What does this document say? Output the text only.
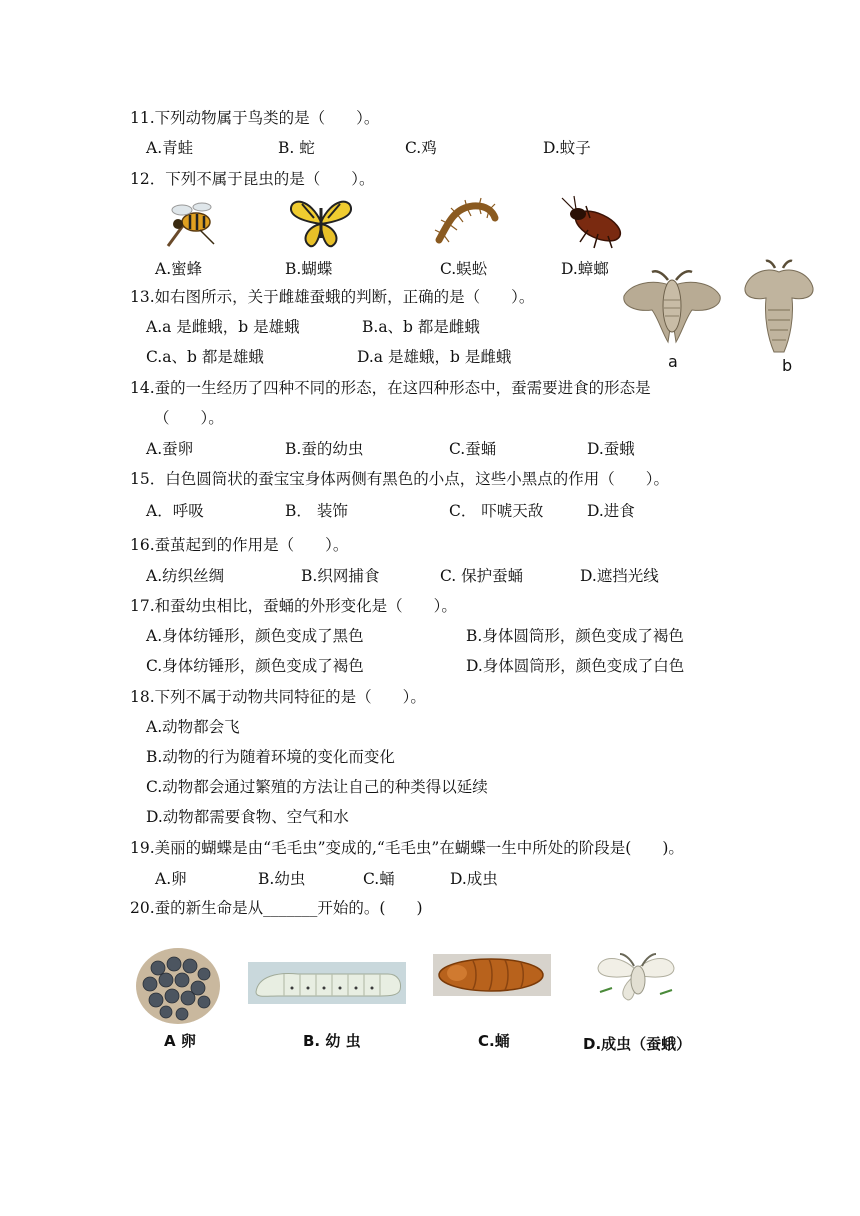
11.下列动物属于鸟类的是（　　）。
A.青蛙	B. 蛇	C.鸡	D.蚊子
12．下列不属于昆虫的是（　　）。
A.蜜蜂	B.蝴蝶	C.蜈蚣	D.蟑螂
13.如右图所示，关于雌雄蚕蛾的判断，正确的是（　　）。
A.a 是雌蛾，b 是雄蛾	B.a、b 都是雌蛾
C.a、b 都是雄蛾	D.a 是雄蛾，b 是雌蛾	a	b
14.蚕的一生经历了四种不同的形态，在这四种形态中，蚕需要进食的形态是
（　　）。
A.蚕卵	B.蚕的幼虫	C.蚕蛹	D.蚕蛾
15．白色圆筒状的蚕宝宝身体两侧有黑色的小点，这些小黑点的作用（　　）。
A．呼吸	B． 装饰	C． 吓唬天敌	D.进食
16.蚕茧起到的作用是（　　）。
A.纺织丝绸	B.织网捕食	C. 保护蚕蛹	D.遮挡光线
17.和蚕幼虫相比，蚕蛹的外形变化是（　　）。
A.身体纺锤形，颜色变成了黑色	B.身体圆筒形，颜色变成了褐色
C.身体纺锤形，颜色变成了褐色	D.身体圆筒形，颜色变成了白色
18.下列不属于动物共同特征的是（　　）。
A.动物都会飞
B.动物的行为随着环境的变化而变化
C.动物都会通过繁殖的方法让自己的种类得以延续
D.动物都需要食物、空气和水
19.美丽的蝴蝶是由“毛毛虫”变成的,“毛毛虫”在蝴蝶一生中所处的阶段是(　　)。
A.卵	B.幼虫	C.蛹	D.成虫
20.蚕的新生命是从_______开始的。(　　)
A 卵	B. 幼 虫	C.蛹	D.成虫（蚕蛾）
